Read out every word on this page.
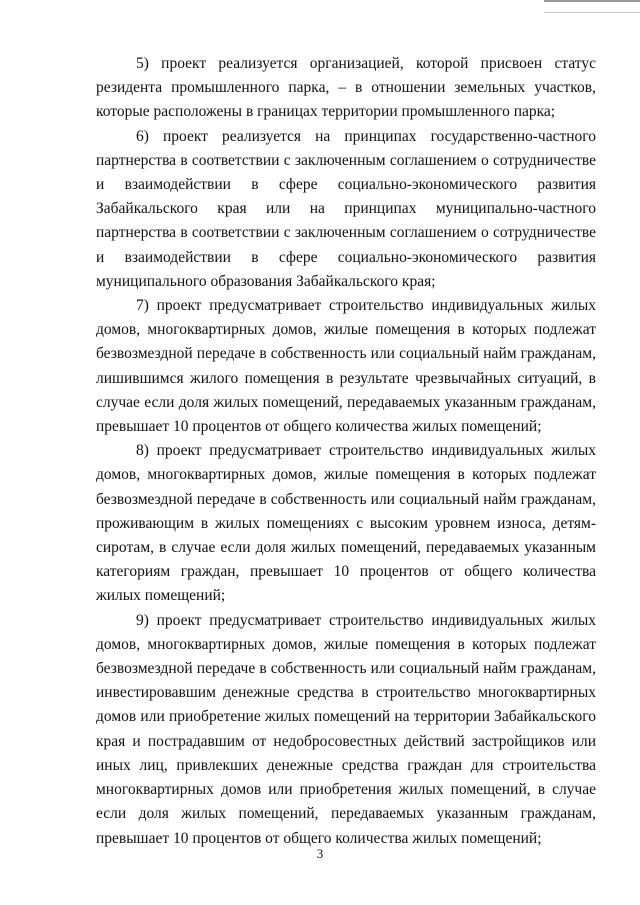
5) проект реализуется организацией, которой присвоен статус резидента промышленного парка, – в отношении земельных участков, которые расположены в границах территории промышленного парка;

6) проект реализуется на принципах государственно-частного партнерства в соответствии с заключенным соглашением о сотрудничестве и взаимодействии в сфере социально-экономического развития Забайкальского края или на принципах муниципально-частного партнерства в соответствии с заключенным соглашением о сотрудничестве и взаимодействии в сфере социально-экономического развития муниципального образования Забайкальского края;

7) проект предусматривает строительство индивидуальных жилых домов, многоквартирных домов, жилые помещения в которых подлежат безвозмездной передаче в собственность или социальный найм гражданам, лишившимся жилого помещения в результате чрезвычайных ситуаций, в случае если доля жилых помещений, передаваемых указанным гражданам, превышает 10 процентов от общего количества жилых помещений;

8) проект предусматривает строительство индивидуальных жилых домов, многоквартирных домов, жилые помещения в которых подлежат безвозмездной передаче в собственность или социальный найм гражданам, проживающим в жилых помещениях с высоким уровнем износа, детям-сиротам, в случае если доля жилых помещений, передаваемых указанным категориям граждан, превышает 10 процентов от общего количества жилых помещений;

9) проект предусматривает строительство индивидуальных жилых домов, многоквартирных домов, жилые помещения в которых подлежат безвозмездной передаче в собственность или социальный найм гражданам, инвестировавшим денежные средства в строительство многоквартирных домов или приобретение жилых помещений на территории Забайкальского края и пострадавшим от недобросовестных действий застройщиков или иных лиц, привлекших денежные средства граждан для строительства многоквартирных домов или приобретения жилых помещений, в случае если доля жилых помещений, передаваемых указанным гражданам, превышает 10 процентов от общего количества жилых помещений;

3
